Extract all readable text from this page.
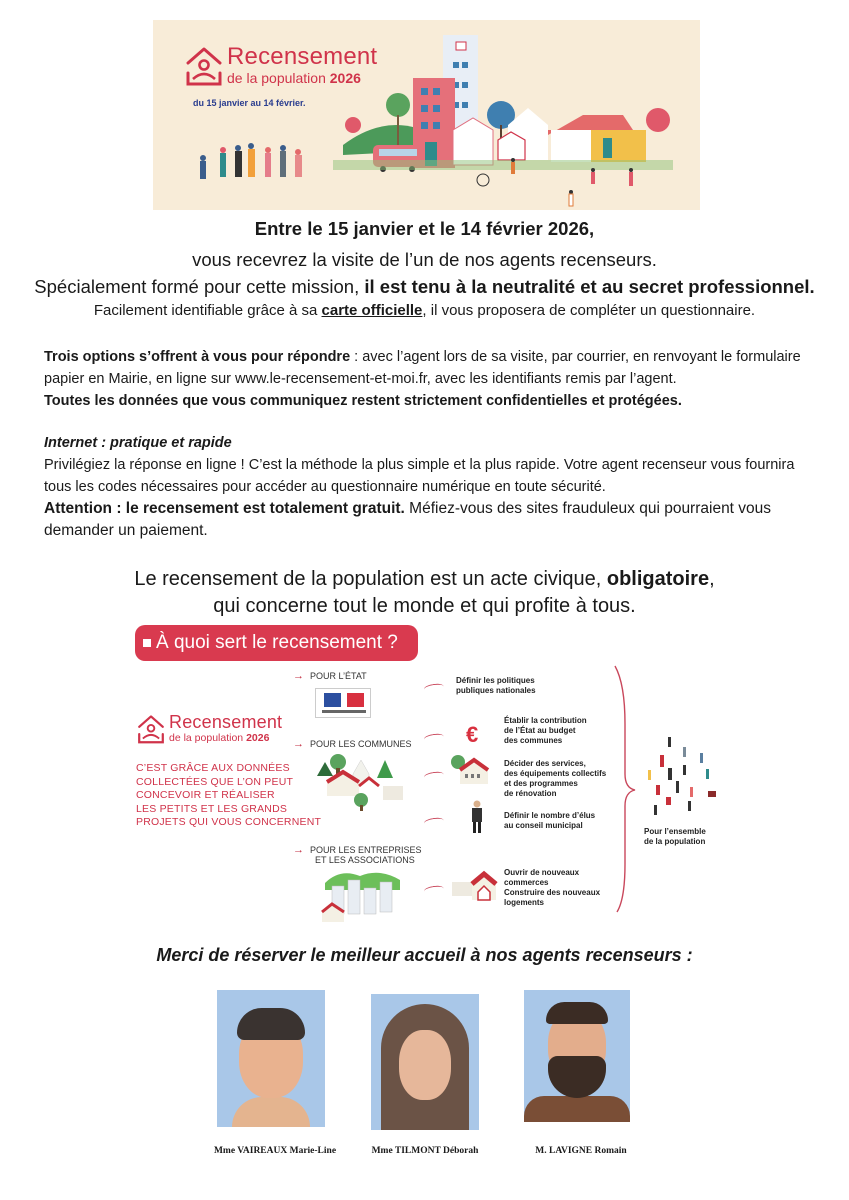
Recensement
de la population 2026
du 15 janvier au 14 février.
Entre le 15 janvier et le 14 février 2026,
vous recevrez la visite de l’un de nos agents recenseurs.
Spécialement formé pour cette mission, il est tenu à la neutralité et au secret professionnel.
Facilement identifiable grâce à sa carte officielle, il vous proposera de compléter un questionnaire.
Trois options s’offrent à vous pour répondre : avec l’agent lors de sa visite, par courrier, en renvoyant le formulaire papier en Mairie, en ligne sur www.le-recensement-et-moi.fr, avec les identifiants remis par l’agent.
Toutes les données que vous communiquez restent strictement confidentielles et protégées.
Internet : pratique et rapide
Privilégiez la réponse en ligne ! C’est la méthode la plus simple et la plus rapide. Votre agent recenseur vous fournira tous les codes nécessaires pour accéder au questionnaire numérique en toute sécurité.
Attention : le recensement est totalement gratuit. Méfiez-vous des sites frauduleux qui pourraient vous demander un paiement.
Le recensement de la population est un acte civique, obligatoire,
qui concerne tout le monde et qui profite à tous.
À quoi sert le recensement ?
Recensement
de la population 2026
C’EST GRÂCE AUX DONNÉES
COLLECTÉES QUE L’ON PEUT
CONCEVOIR ET RÉALISER
LES PETITS ET LES GRANDS
PROJETS QUI VOUS CONCERNENT
→ POUR L’ÉTAT
→ POUR LES COMMUNES
→ POUR LES ENTREPRISES
ET LES ASSOCIATIONS
Définir les politiques
publiques nationales
€
Établir la contribution
de l’État au budget
des communes
Décider des services,
des équipements collectifs
et des programmes
de rénovation
Définir le nombre d’élus
au conseil municipal
Ouvrir de nouveaux
commerces
Construire des nouveaux
logements
Pour l’ensemble
de la population
Merci de réserver le meilleur accueil à nos agents recenseurs :
Mme VAIREAUX Marie-Line	Mme TILMONT Déborah	M. LAVIGNE Romain
